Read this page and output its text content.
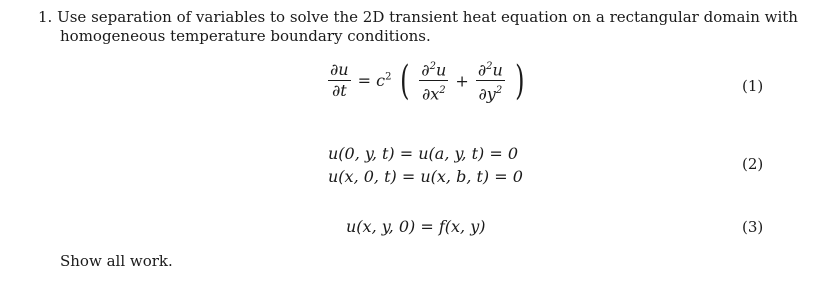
1. Use separation of variables to solve the 2D transient heat equation on a rectangular domain with
homogeneous temperature boundary conditions.
$\frac{\partial u}{\partial t} = c^2$ ( $\frac{\partial^2u}{\partial x^2} + \frac{\partial^2u}{\partial y^2}$ )	(1)
u(0, y, t) = u(a, y, t) = 0
u(x, 0, t) = u(x, b, t) = 0
(2)
u(x, y, 0) = f(x, y)	(3)
Show all work.
